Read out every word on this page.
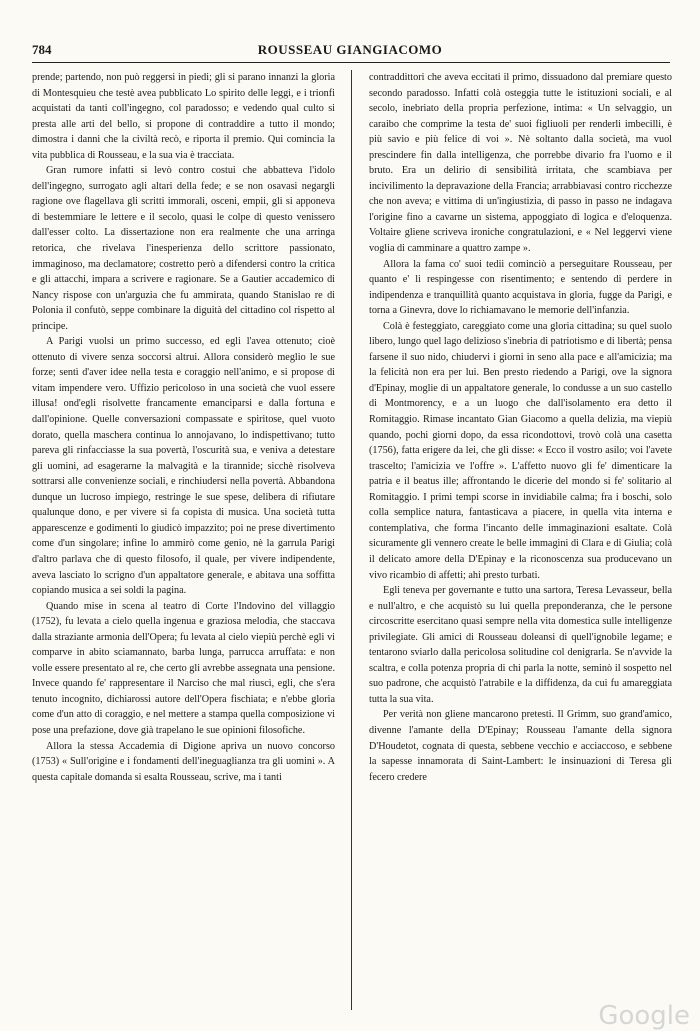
784	ROUSSEAU GIANGIACOMO

prende; partendo, non può reggersi in piedi; gli si parano innanzi la gloria di Montesquieu che testè avea pubblicato Lo spirito delle leggi, e i trionfi acquistati da tanti coll'ingegno, col paradosso; e vedendo qual culto si presta alle arti del bello, si propone di contraddire a tutto il mondo; dimostra i danni che la civiltà recò, e riporta il premio. Qui comincia la vita pubblica di Rousseau, e la sua via è tracciata.

Gran rumore infatti si levò contro costui che abbatteva l'idolo dell'ingegno, surrogato agli altari della fede; e se non osavasi negargli ragione ove flagellava gli scritti immorali, osceni, empii, gli si apponeva di bestemmiare le lettere e il secolo, quasi le colpe di questo venissero dall'esser colto. La dissertazione non era realmente che una arringa retorica, che rivelava l'inesperienza dello scrittore passionato, immaginoso, ma declamatore; costretto però a difendersi contro la critica e gli attacchi, impara a scrivere e ragionare. Se a Gautier accademico di Nancy rispose con un'arguzia che fu ammirata, quando Stanislao re di Polonia il confutò, seppe combinare la diguità del cittadino col rispetto al principe.

A Parigi vuolsi un primo successo, ed egli l'avea ottenuto; cioè ottenuto di vivere senza soccorsi altrui. Allora considerò meglio le sue forze; sentì d'aver idee nella testa e coraggio nell'animo, e si propose di vitam impendere vero. Uffizio pericoloso in una società che vuol essere illusa! ond'egli risolvette francamente emanciparsi e dalla fortuna e dall'opinione. Quelle conversazioni compassate e spiritose, quel vuoto dorato, quella maschera continua lo annojavano, lo indispettivano; tutto pareva gli rinfacciasse la sua povertà, l'oscurità sua, e veniva a detestare gli uomini, ad esagerarne la malvagità e la tirannide; sicchè risolveva sottrarsi alle convenienze sociali, e rinchiudersi nella povertà. Abbandona dunque un lucroso impiego, restringe le sue spese, delibera di rifiutare qualunque dono, e per vivere si fa copista di musica. Una società tutta apparescenze e godimenti lo giudicò impazzito; poi ne prese divertimento come d'un singolare; infine lo ammirò come genio, nè la garrula Parigi d'altro parlava che di questo filosofo, il quale, per vivere indipendente, aveva lasciato lo scrigno d'un appaltatore generale, e abitava una soffitta copiando musica a sei soldi la pagina.

Quando mise in scena al teatro di Corte l'Indovino del villaggio (1752), fu levata a cielo quella ingenua e graziosa melodia, che staccava dalla straziante armonia dell'Opera; fu levata al cielo viepiù perchè egli vi comparve in abito sciamannato, barba lunga, parrucca arruffata: e non volle essere presentato al re, che certo gli avrebbe assegnata una pensione. Invece quando fe' rappresentare il Narciso che mal riuscì, egli, che s'era tenuto incognito, dichiarossi autore dell'Opera fischiata; e n'ebbe gloria come d'un atto di coraggio, e nel mettere a stampa quella composizione vi pose una prefazione, dove già trapelano le sue opinioni filosofiche.

Allora la stessa Accademia di Digione apriva un nuovo concorso (1753) « Sull'origine e i fondamenti dell'ineguaglianza tra gli uomini ». A questa capitale domanda si esalta Rousseau, scrive, ma i tanti

contraddittori che aveva eccitati il primo, dissuadono dal premiare questo secondo paradosso. Infatti colà osteggia tutte le istituzioni sociali, e al secolo, inebriato della propria perfezione, intima: « Un selvaggio, un caraibo che comprime la testa de' suoi figliuoli per renderli imbecilli, è più savio e più felice di voi ». Nè soltanto dalla società, ma vuol prescindere fin dalla intelligenza, che porrebbe divario fra l'uomo e il bruto. Era un delirio di sensibilità irritata, che scambiava per incivilimento la depravazione della Francia; arrabbiavasi contro ricchezze che non aveva; e vittima di un'ingiustizia, di passo in passo ne indagava l'origine fino a cavarne un sistema, appoggiato di logica e d'eloquenza. Voltaire gliene scriveva ironiche congratulazioni, e « Nel leggervi viene voglia di camminare a quattro zampe ».

Allora la fama co' suoi tedii cominciò a perseguitare Rousseau, per quanto e' li respingesse con risentimento; e sentendo di perdere in indipendenza e tranquillità quanto acquistava in gloria, fugge da Parigi, e torna a Ginevra, dove lo richiamavano le memorie dell'infanzia.

Colà è festeggiato, careggiato come una gloria cittadina; su quel suolo libero, lungo quel lago delizioso s'inebria di patriotismo e di libertà; pensa farsene il suo nido, chiudervi i giorni in seno alla pace e all'amicizia; ma la felicità non era per lui. Ben presto riedendo a Parigi, ove la signora d'Epinay, moglie di un appaltatore generale, lo condusse a un suo castello di Montmorency, e a un luogo che dall'isolamento era detto il Romitaggio. Rimase incantato Gian Giacomo a quella delizia, ma viepiù quando, pochi giorni dopo, da essa ricondottovi, trovò colà una casetta (1756), fatta erigere da lei, che gli disse: « Ecco il vostro asilo; voi l'avete trascelto; l'amicizia ve l'offre ». L'affetto nuovo gli fe' dimenticare la patria e il beatus ille; affrontando le dicerie del mondo si fe' solitario al Romitaggio. I primi tempi scorse in invidiabile calma; fra i boschi, solo colla semplice natura, fantasticava a piacere, in quella vita interna e contemplativa, che forma l'incanto delle immaginazioni esaltate. Colà sicuramente gli vennero create le belle immagini di Clara e di Giulia; colà il delicato amore della D'Epinay e la riconoscenza sua producevano un vivo ricambio di affetti; ahi presto turbati.

Egli teneva per governante e tutto una sartora, Teresa Levasseur, bella e null'altro, e che acquistò su lui quella preponderanza, che le persone circoscritte esercitano quasi sempre nella vita domestica sulle intelligenze privilegiate. Gli amici di Rousseau doleansi di quell'ignobile legame; e tentarono sviarlo dalla pericolosa solitudine col denigrarla. Se n'avvide la scaltra, e colla potenza propria di chi parla la notte, seminò il sospetto nel suo padrone, che acquistò l'atrabile e la diffidenza, da cui fu amareggiata tutta la sua vita.

Per verità non gliene mancarono pretesti. Il Grimm, suo grand'amico, divenne l'amante della D'Epinay; Rousseau l'amante della signora D'Houdetot, cognata di questa, sebbene vecchio e acciaccoso, e sebbene la sapesse innamorata di Saint-Lambert: le insinuazioni di Teresa gli fecero credere

Google
